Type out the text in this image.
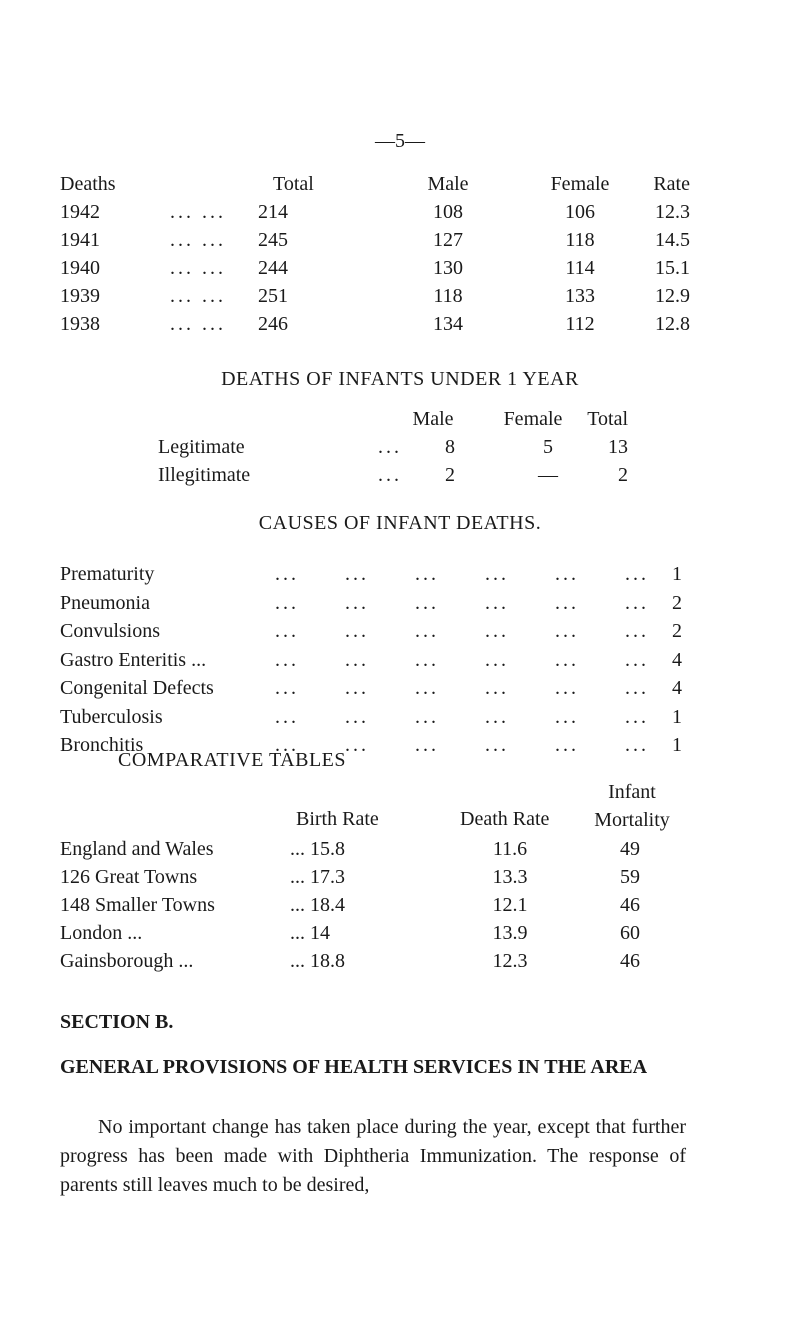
—5—
Deaths	Total	Male	Female	Rate
1942	... ... 214	108	106	12.3
1941	... ... 245	127	118	14.5
1940	... ... 244	130	114	15.1
1939	... ... 251	118	133	12.9
1938	... ... 246	134	112	12.8
DEATHS OF INFANTS UNDER 1 YEAR
Male	Female	Total
Legitimate	...	8	5	13
Illegitimate	...	2	—	2
CAUSES OF INFANT DEATHS.
Prematurity	... ... ... ... ... ... 1
Pneumonia	... ... ... ... ... ... 2
Convulsions	... ... ... ... ... ... 2
Gastro Enteritis ...	... ... ... ... ... ... 4
Congenital Defects	... ... ... ... ... ... 4
Tuberculosis	... ... ... ... ... ... 1
Bronchitis	... ... ... ... ... ... 1
COMPARATIVE TABLES
Birth Rate	Death Rate
Infant
Mortality
England and Wales	... 15.8	11.6	49
126 Great Towns	... 17.3	13.3	59
148 Smaller Towns	... 18.4	12.1	46
London ...	... 14	13.9	60
Gainsborough ...	... 18.8	12.3	46
SECTION B.
GENERAL PROVISIONS OF HEALTH SERVICES IN THE AREA
No important change has taken place during the year, except that further progress has been made with Diphtheria Immunization. The response of parents still leaves much to be desired,
